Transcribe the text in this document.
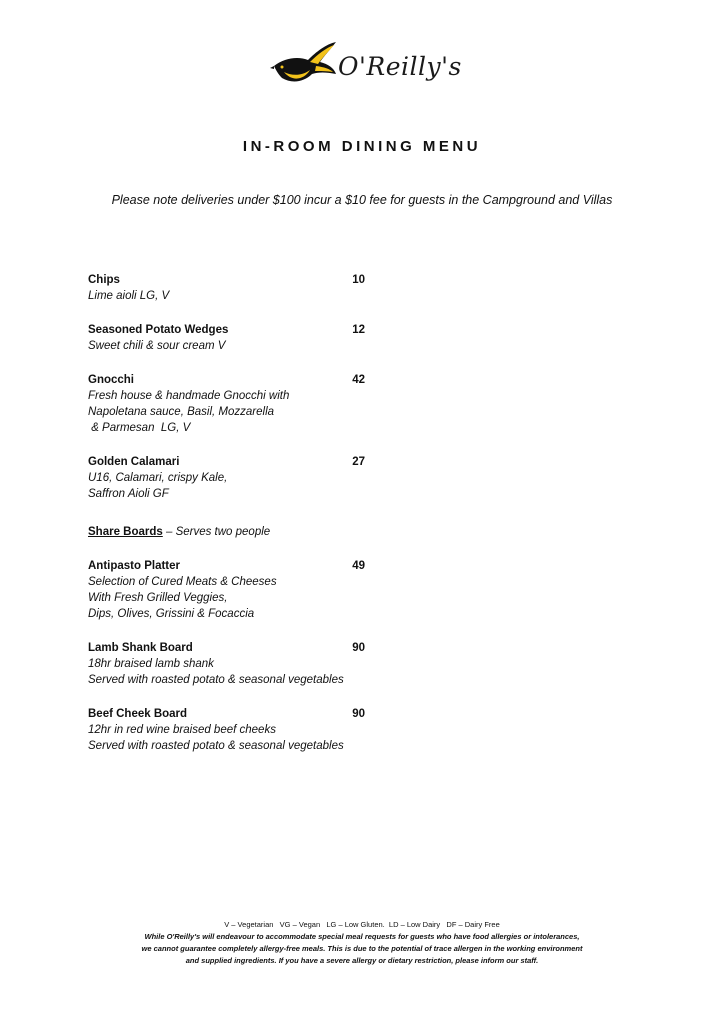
O'Reilly's
IN-ROOM DINING MENU
Please note deliveries under $100 incur a $10 fee for guests in the Campground and Villas
Chips	10
Lime aioli LG, V
Seasoned Potato Wedges	12
Sweet chili & sour cream V
Gnocchi	42
Fresh house & handmade Gnocchi with
Napoletana sauce, Basil, Mozzarella
& Parmesan  LG, V
Golden Calamari	27
U16, Calamari, crispy Kale,
Saffron Aioli GF
Share Boards – Serves two people
Antipasto Platter	49
Selection of Cured Meats & Cheeses
With Fresh Grilled Veggies,
Dips, Olives, Grissini & Focaccia
Lamb Shank Board	90
18hr braised lamb shank
Served with roasted potato & seasonal vegetables
Beef Cheek Board	90
12hr in red wine braised beef cheeks
Served with roasted potato & seasonal vegetables
V – Vegetarian   VG – Vegan   LG – Low Gluten.  LD – Low Dairy   DF – Dairy Free
While O'Reilly's will endeavour to accommodate special meal requests for guests who have food allergies or intolerances,
we cannot guarantee completely allergy-free meals. This is due to the potential of trace allergen in the working environment
and supplied ingredients. If you have a severe allergy or dietary restriction, please inform our staff.
